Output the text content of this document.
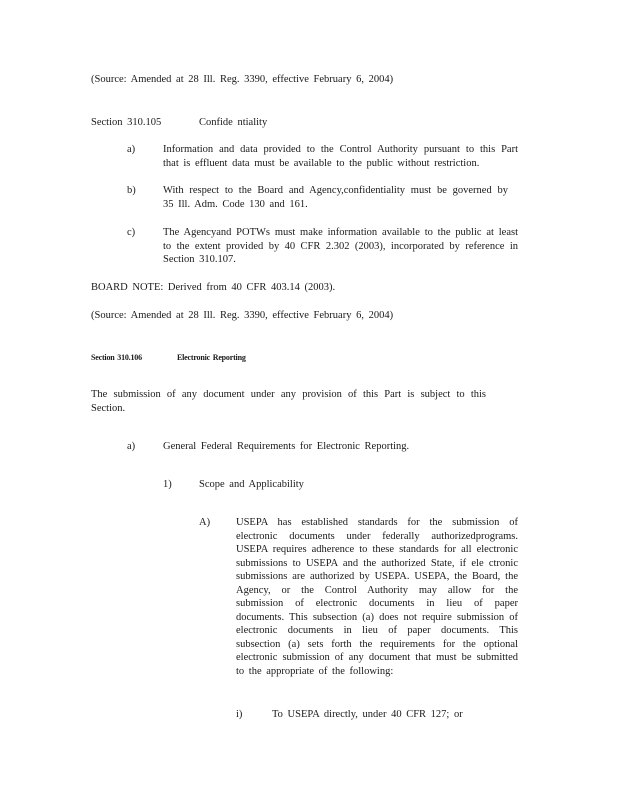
(Source: Amended at 28 Ill. Reg. 3390, effective February 6, 2004)
Section 310.105	Confide ntiality
a)	Information and data provided to the Control Authority pursuant to this Part that is effluent data must be available to the public without restriction.
b)	With respect to the Board and Agency,confidentiality must be governed by 35 Ill. Adm. Code 130 and 161.
c)	The Agencyand POTWs must make information available to the public at least to the extent provided by 40 CFR 2.302 (2003), incorporated by reference in Section 310.107.
BOARD NOTE: Derived from 40 CFR 403.14 (2003).
(Source: Amended at 28 Ill. Reg. 3390, effective February 6, 2004)
Section 310.106	Electronic Reporting
The submission of any document under any provision of this Part is subject to this Section.
a)	General Federal Requirements for Electronic Reporting.
1)	Scope and Applicability
A) USEPA has established standards for the submission of electronic documents under federally authorizedprograms. USEPA requires adherence to these standards for all electronic submissions to USEPA and the authorized State, if ele ctronic submissions are authorized by USEPA. USEPA, the Board, the Agency, or the Control Authority may allow for the submission of electronic documents in lieu of paper documents. This subsection (a) does not require submission of electronic documents in lieu of paper documents. This subsection (a) sets forth the requirements for the optional electronic submission of any document that must be submitted to the appropriate of the following:
i)	To USEPA directly, under 40 CFR 127; or
